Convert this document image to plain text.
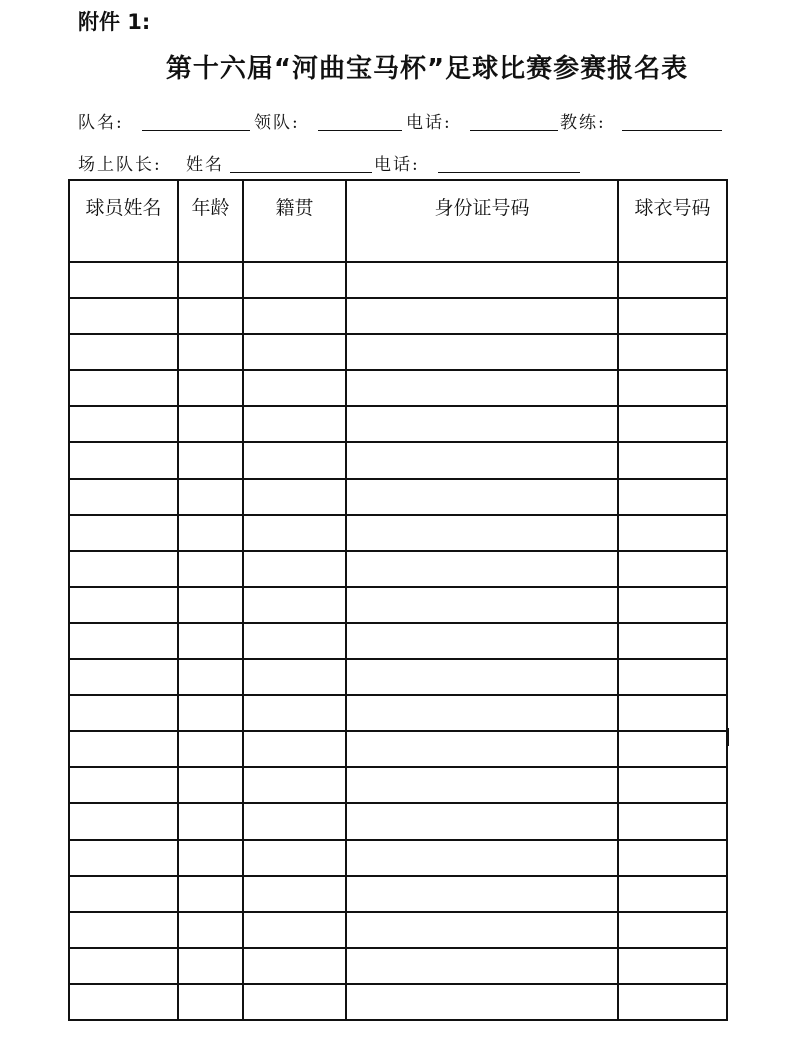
附件 1:
第十六届“河曲宝马杯”足球比赛参赛报名表
队名:	领队:	电话:	教练:
场上队长: 姓名	电话:
球员姓名	年龄	籍贯	身份证号码	球衣号码
